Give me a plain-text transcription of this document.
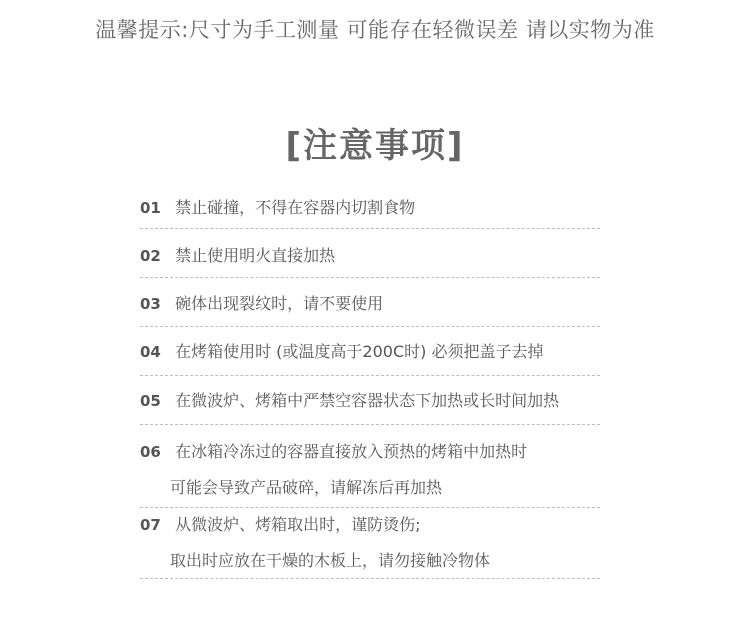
温馨提示:尺寸为手工测量 可能存在轻微误差 请以实物为准
[注意事项]
01 禁止碰撞，不得在容器内切割食物
02 禁止使用明火直接加热
03 碗体出现裂纹时，请不要使用
04 在烤箱使用时 (或温度高于200C时) 必须把盖子去掉
05 在微波炉、烤箱中严禁空容器状态下加热或长时间加热
06 在冰箱冷冻过的容器直接放入预热的烤箱中加热时
可能会导致产品破碎，请解冻后再加热
07 从微波炉、烤箱取出时，谨防烫伤;
取出时应放在干燥的木板上，请勿接触冷物体
